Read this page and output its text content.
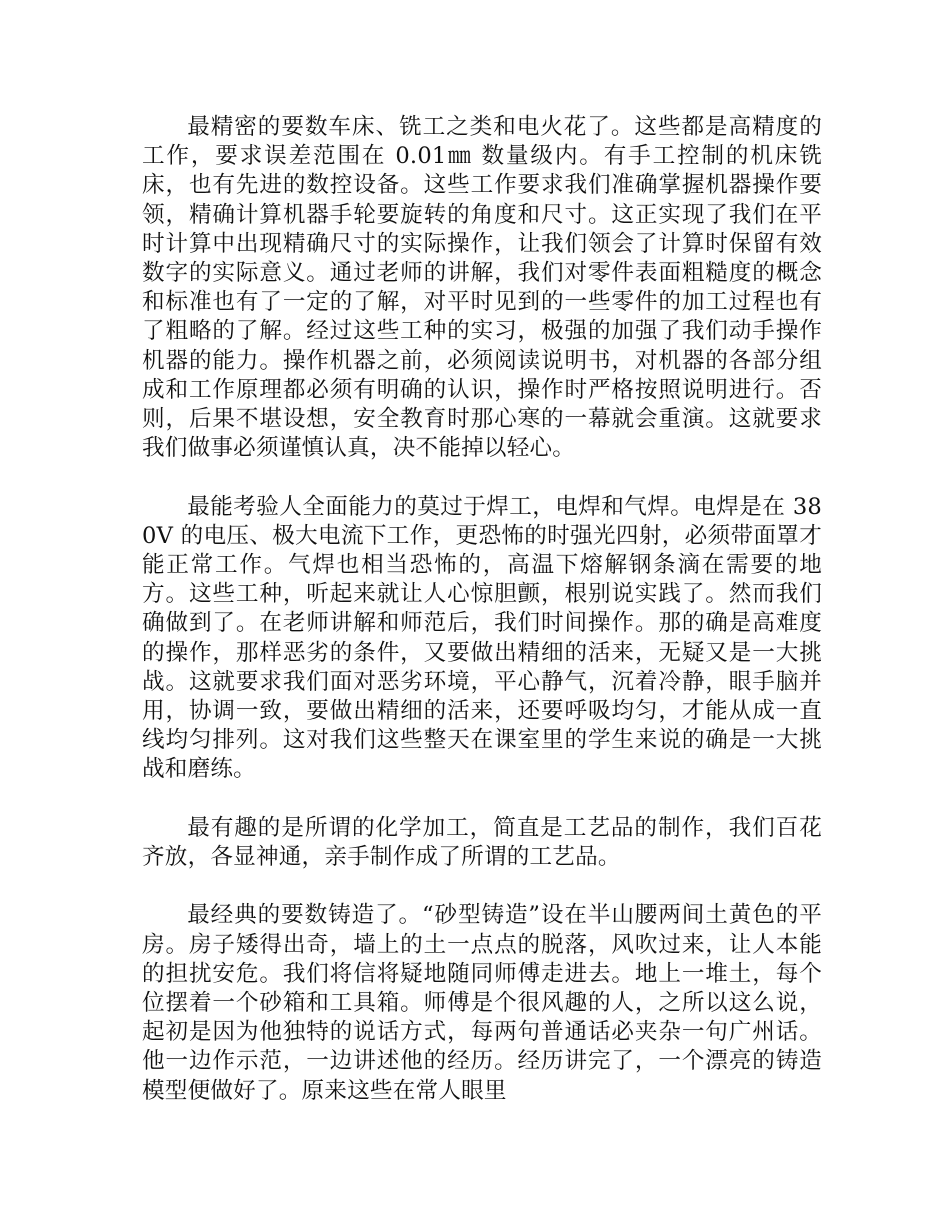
最精密的要数车床、铣工之类和电火花了。这些都是高精度的工作，要求误差范围在 0.01㎜ 数量级内。有手工控制的机床铣床，也有先进的数控设备。这些工作要求我们准确掌握机器操作要领，精确计算机器手轮要旋转的角度和尺寸。这正实现了我们在平时计算中出现精确尺寸的实际操作，让我们领会了计算时保留有效数字的实际意义。通过老师的讲解，我们对零件表面粗糙度的概念和标准也有了一定的了解，对平时见到的一些零件的加工过程也有了粗略的了解。经过这些工种的实习，极强的加强了我们动手操作机器的能力。操作机器之前，必须阅读说明书，对机器的各部分组成和工作原理都必须有明确的认识，操作时严格按照说明进行。否则，后果不堪设想，安全教育时那心寒的一幕就会重演。这就要求我们做事必须谨慎认真，决不能掉以轻心。

最能考验人全面能力的莫过于焊工，电焊和气焊。电焊是在 380V 的电压、极大电流下工作，更恐怖的时强光四射，必须带面罩才能正常工作。气焊也相当恐怖的，高温下熔解钢条滴在需要的地方。这些工种，听起来就让人心惊胆颤，根别说实践了。然而我们确做到了。在老师讲解和师范后，我们时间操作。那的确是高难度的操作，那样恶劣的条件，又要做出精细的活来，无疑又是一大挑战。这就要求我们面对恶劣环境，平心静气，沉着冷静，眼手脑并用，协调一致，要做出精细的活来，还要呼吸均匀，才能从成一直线均匀排列。这对我们这些整天在课室里的学生来说的确是一大挑战和磨练。

最有趣的是所谓的化学加工，简直是工艺品的制作，我们百花齐放，各显神通，亲手制作成了所谓的工艺品。

最经典的要数铸造了。“砂型铸造”设在半山腰两间土黄色的平房。房子矮得出奇，墙上的土一点点的脱落，风吹过来，让人本能的担扰安危。我们将信将疑地随同师傅走进去。地上一堆土，每个位摆着一个砂箱和工具箱。师傅是个很风趣的人，之所以这么说，起初是因为他独特的说话方式，每两句普通话必夹杂一句广州话。他一边作示范，一边讲述他的经历。经历讲完了，一个漂亮的铸造模型便做好了。原来这些在常人眼里
